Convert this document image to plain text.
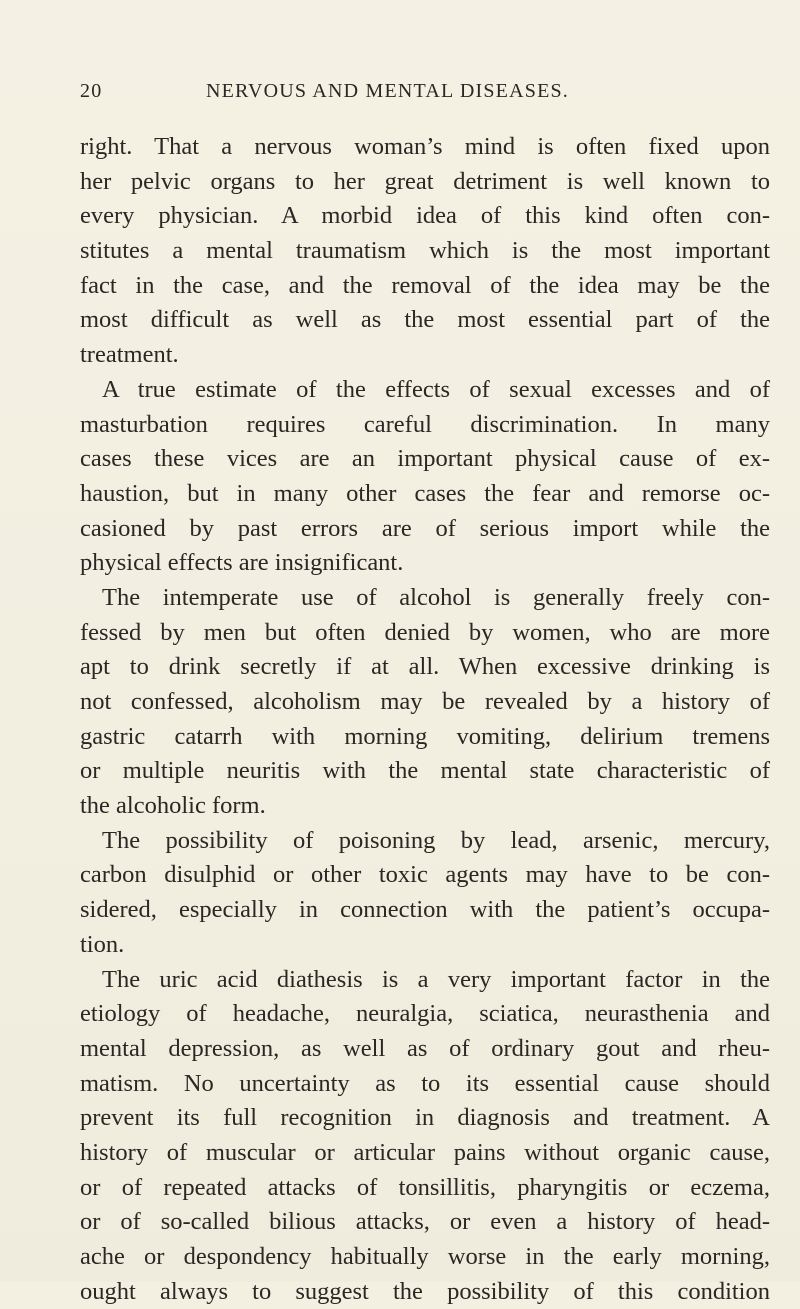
20	NERVOUS AND MENTAL DISEASES.
right. That a nervous woman’s mind is often fixed upon
her pelvic organs to her great detriment is well known to
every physician. A morbid idea of this kind often con-
stitutes a mental traumatism which is the most important
fact in the case, and the removal of the idea may be the
most difficult as well as the most essential part of the
treatment.
A true estimate of the effects of sexual excesses and of
masturbation requires careful discrimination. In many
cases these vices are an important physical cause of ex-
haustion, but in many other cases the fear and remorse oc-
casioned by past errors are of serious import while the
physical effects are insignificant.
The intemperate use of alcohol is generally freely con-
fessed by men but often denied by women, who are more
apt to drink secretly if at all. When excessive drinking is
not confessed, alcoholism may be revealed by a history of
gastric catarrh with morning vomiting, delirium tremens
or multiple neuritis with the mental state characteristic of
the alcoholic form.
The possibility of poisoning by lead, arsenic, mercury,
carbon disulphid or other toxic agents may have to be con-
sidered, especially in connection with the patient’s occupa-
tion.
The uric acid diathesis is a very important factor in the
etiology of headache, neuralgia, sciatica, neurasthenia and
mental depression, as well as of ordinary gout and rheu-
matism. No uncertainty as to its essential cause should
prevent its full recognition in diagnosis and treatment. A
history of muscular or articular pains without organic cause,
or of repeated attacks of tonsillitis, pharyngitis or eczema,
or of so-called bilious attacks, or even a history of head-
ache or despondency habitually worse in the early morning,
ought always to suggest the possibility of this condition
